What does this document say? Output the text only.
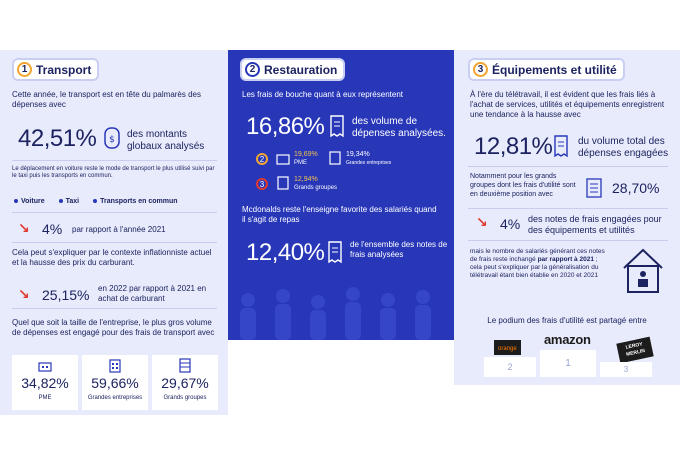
1 Transport
Cette année, le transport est en tête du palmarès des dépenses avec
42,51% $ des montants globaux analysés
Le déplacement en voiture reste le mode de transport le plus utilisé suivi par le taxi puis les transports en commun.
Voiture	Taxi	Transports en commun
↘ 4% par rapport à l'année 2021
Cela peut s'expliquer par le contexte inflationniste actuel et la hausse des prix du carburant.
↘ 25,15% en 2022 par rapport à 2021 en achat de carburant
Quel que soit la taille de l'entreprise, le plus gros volume de dépenses est engagé pour des frais de transport avec
34,82%
PME
59,66%
Grandes entreprises
29,67%
Grands groupes
2 Restauration
Les frais de bouche quant à eux représentent
16,86%	des volume de dépenses analysées.
2	19,69%
PME
19,34%
Grandes entreprises
3	12,94%
Grands groupes
Mcdonalds reste l'enseigne favorite des salariés quand il s'agit de repas
12,40%	de l'ensemble des notes de frais analysées
3 Équipements et utilité
À l'ère du télétravail, il est évident que les frais liés à l'achat de services, utilités et équipements enregistrent une tendance à la hausse avec
12,81%	du volume total des dépenses engagées
Notamment pour les grands groupes dont les frais d'utilité sont en deuxième position avec	28,70%
↘ 4% des notes de frais engagées pour des équipements et utilités
mais le nombre de salariés générant ces notes de frais reste inchangé par rapport à 2021 ; cela peut s'expliquer par la généralisation du télétravail étant bien établie en 2020 et 2021
Le podium des frais d'utilité est partagé entre
orange
amazon	LEROY MERLIN
2	1
3
